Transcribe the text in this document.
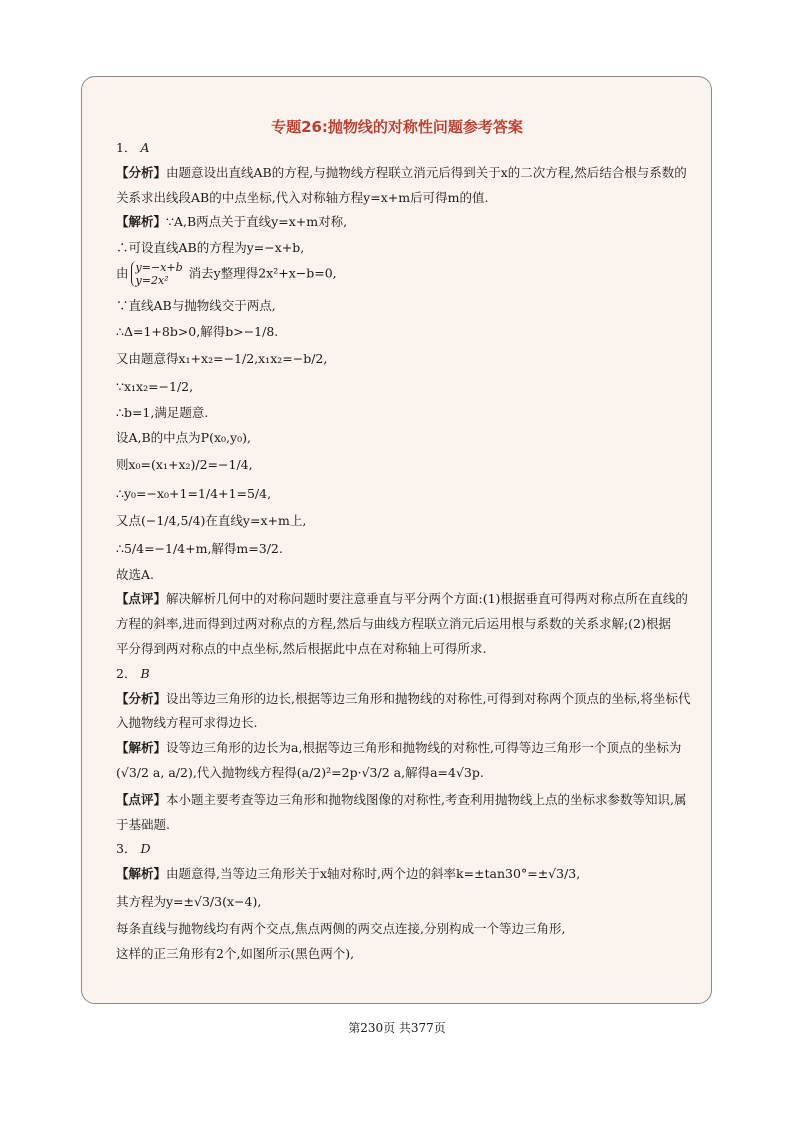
专题26:抛物线的对称性问题参考答案
1． A
【分析】由题意设出直线AB的方程,与抛物线方程联立消元后得到关于x的二次方程,然后结合根与系数的
关系求出线段AB的中点坐标,代入对称轴方程y=x+m后可得m的值.
【解析】∵A,B两点关于直线y=x+m对称,
∴可设直线AB的方程为y=−x+b,
由 y=−x+b
y=2x²	消去y整理得2x²+x−b=0,
∵直线AB与抛物线交于两点,
∴Δ=1+8b>0,解得b>−1/8.
又由题意得x₁+x₂=−1/2,x₁x₂=−b/2,
∵x₁x₂=−1/2,
∴b=1,满足题意.
设A,B的中点为P(x₀,y₀),
则x₀=(x₁+x₂)/2=−1/4,
∴y₀=−x₀+1=1/4+1=5/4,
又点(−1/4,5/4)在直线y=x+m上,
∴5/4=−1/4+m,解得m=3/2.
故选A.
【点评】解决解析几何中的对称问题时要注意垂直与平分两个方面:(1)根据垂直可得两对称点所在直线的
方程的斜率,进而得到过两对称点的方程,然后与曲线方程联立消元后运用根与系数的关系求解;(2)根据
平分得到两对称点的中点坐标,然后根据此中点在对称轴上可得所求.
2． B
【分析】设出等边三角形的边长,根据等边三角形和抛物线的对称性,可得到对称两个顶点的坐标,将坐标代
入抛物线方程可求得边长.
【解析】设等边三角形的边长为a,根据等边三角形和抛物线的对称性,可得等边三角形一个顶点的坐标为
(√3/2 a, a/2),代入抛物线方程得(a/2)²=2p·√3/2 a,解得a=4√3p.
【点评】本小题主要考查等边三角形和抛物线图像的对称性,考查利用抛物线上点的坐标求参数等知识,属
于基础题.
3． D
【解析】由题意得,当等边三角形关于x轴对称时,两个边的斜率k=±tan30°=±√3/3,
其方程为y=±√3/3(x−4),
每条直线与抛物线均有两个交点,焦点两侧的两交点连接,分别构成一个等边三角形,
这样的正三角形有2个,如图所示(黑色两个),
第230页 共377页
